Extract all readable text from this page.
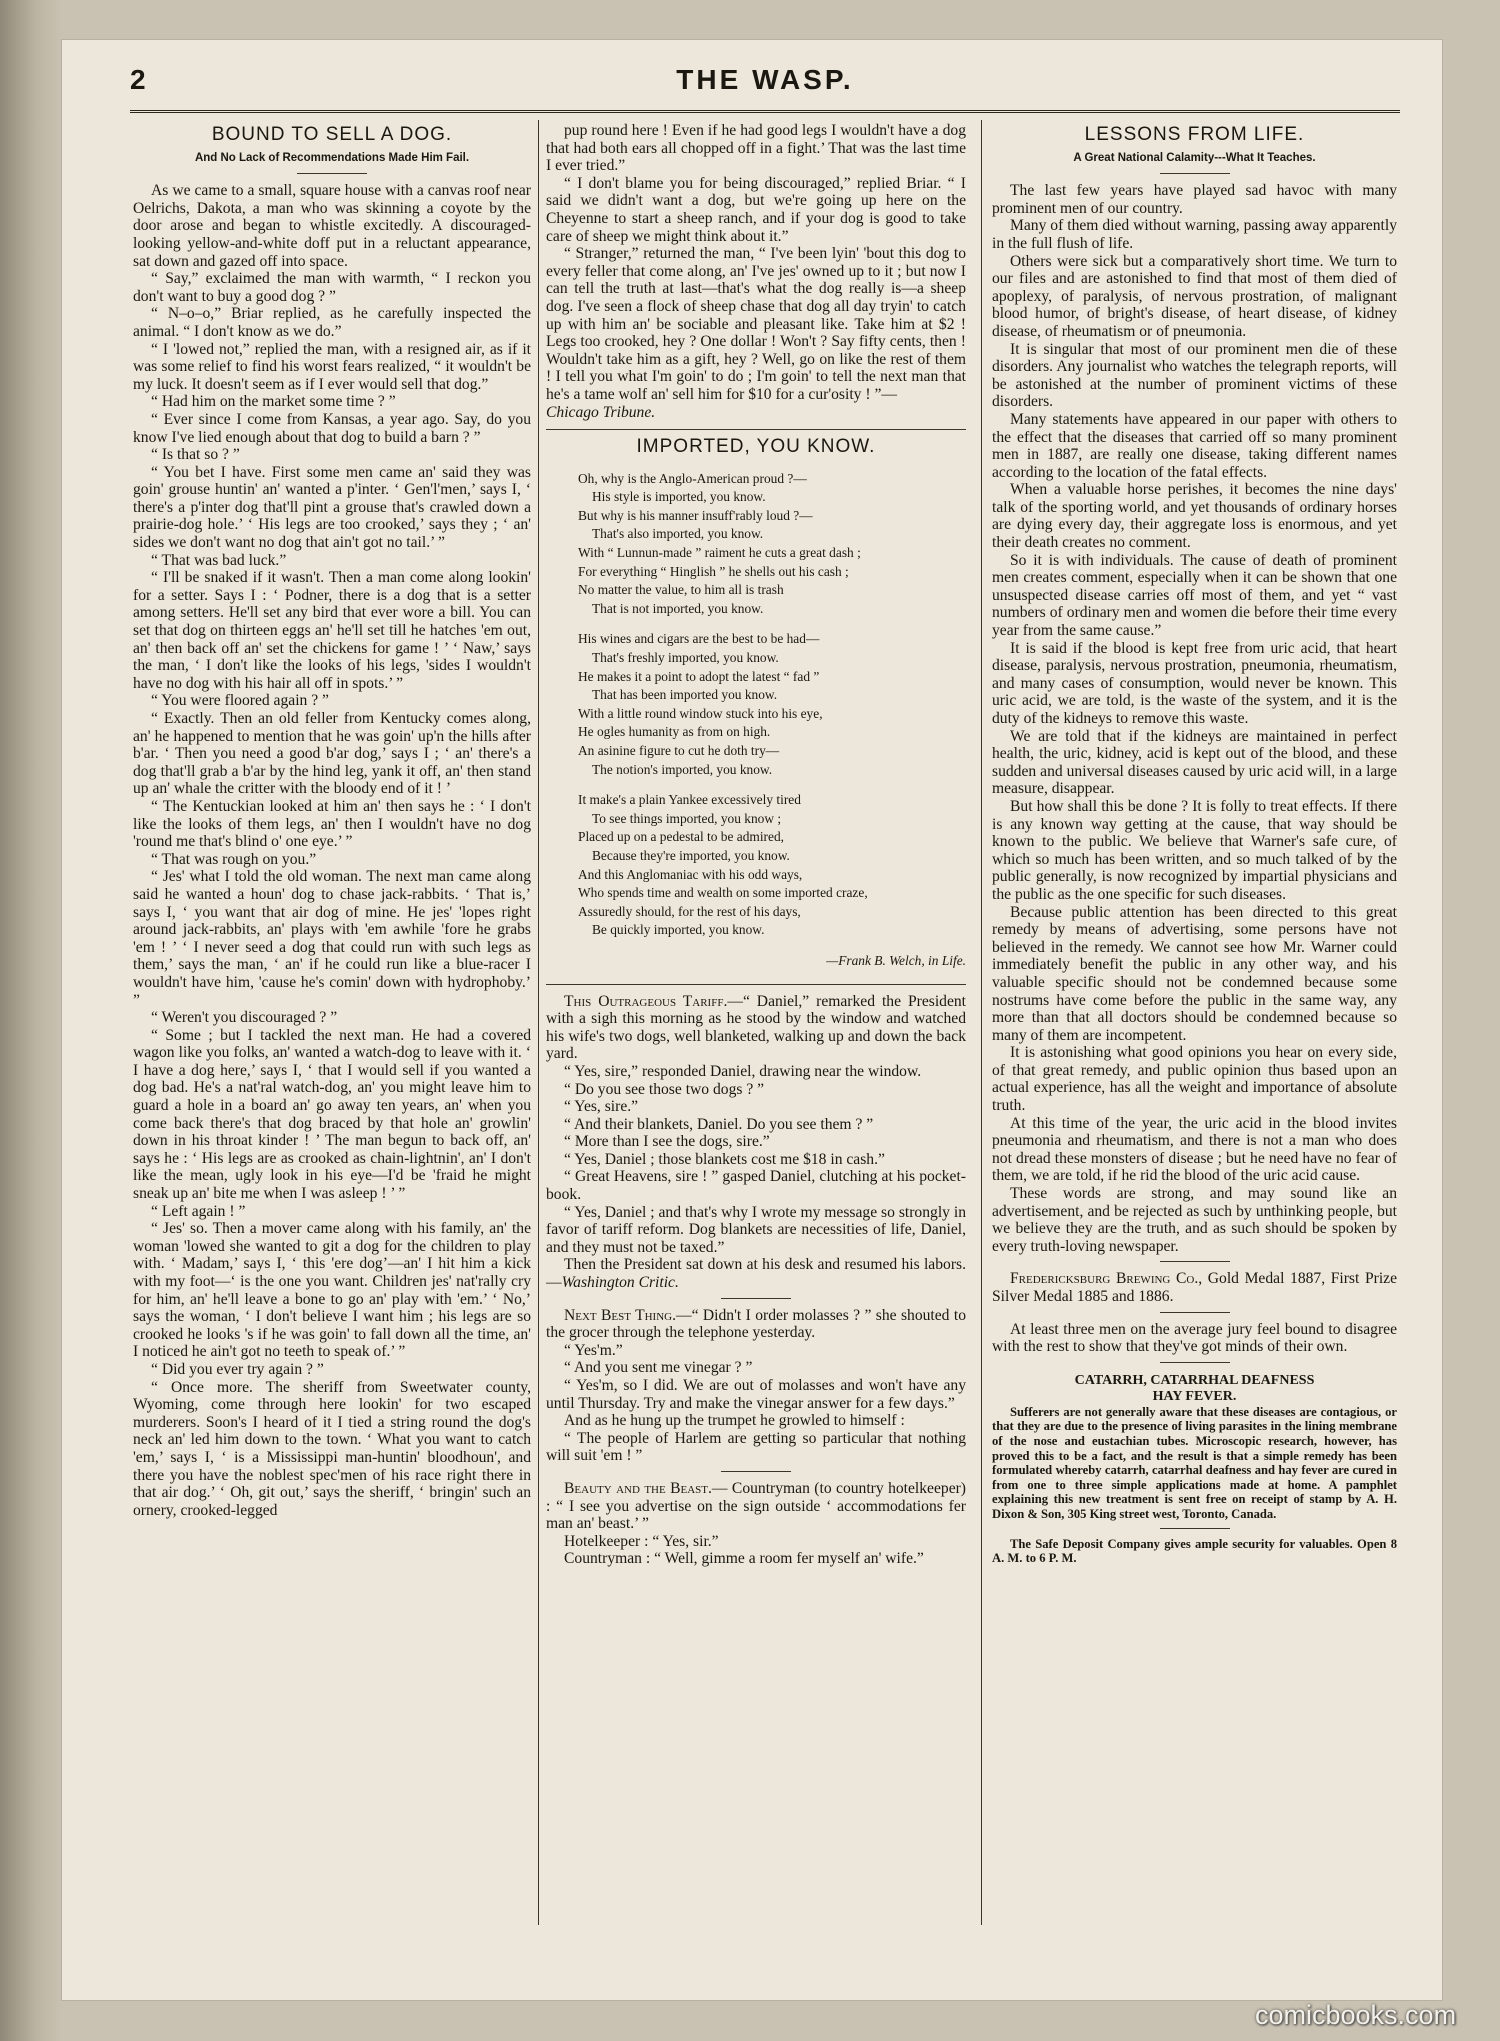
2	THE WASP.
BOUND TO SELL A DOG.
And No Lack of Recommendations Made Him Fail.

As we came to a small, square house with a canvas roof near Oelrichs, Dakota, a man who was skinning a coyote by the door arose and began to whistle excitedly. A discouraged-looking yellow-and-white doff put in a reluctant appearance, sat down and gazed off into space.

“ Say,” exclaimed the man with warmth, “ I reckon you don't want to buy a good dog ? ”

“ N–o–o,” Briar replied, as he carefully inspected the animal. “ I don't know as we do.”

“ I 'lowed not,” replied the man, with a resigned air, as if it was some relief to find his worst fears realized, “ it wouldn't be my luck. It doesn't seem as if I ever would sell that dog.”

“ Had him on the market some time ? ”

“ Ever since I come from Kansas, a year ago. Say, do you know I've lied enough about that dog to build a barn ? ”

“ Is that so ? ”

“ You bet I have. First some men came an' said they was goin' grouse huntin' an' wanted a p'inter. ‘ Gen'l'men,’ says I, ‘ there's a p'inter dog that'll pint a grouse that's crawled down a prairie-dog hole.’ ‘ His legs are too crooked,’ says they ; ‘ an' sides we don't want no dog that ain't got no tail.’ ”

“ That was bad luck.”

“ I'll be snaked if it wasn't. Then a man come along lookin' for a setter. Says I : ‘ Podner, there is a dog that is a setter among setters. He'll set any bird that ever wore a bill. You can set that dog on thirteen eggs an' he'll set till he hatches 'em out, an' then back off an' set the chickens for game ! ’ ‘ Naw,’ says the man, ‘ I don't like the looks of his legs, 'sides I wouldn't have no dog with his hair all off in spots.’ ”

“ You were floored again ? ”

“ Exactly. Then an old feller from Kentucky comes along, an' he happened to mention that he was goin' up'n the hills after b'ar. ‘ Then you need a good b'ar dog,’ says I ; ‘ an' there's a dog that'll grab a b'ar by the hind leg, yank it off, an' then stand up an' whale the critter with the bloody end of it ! ’

“ The Kentuckian looked at him an' then says he : ‘ I don't like the looks of them legs, an' then I wouldn't have no dog 'round me that's blind o' one eye.’ ”

“ That was rough on you.”

“ Jes' what I told the old woman. The next man came along said he wanted a houn' dog to chase jack-rabbits. ‘ That is,’ says I, ‘ you want that air dog of mine. He jes' 'lopes right around jack-rabbits, an' plays with 'em awhile 'fore he grabs 'em ! ’ ‘ I never seed a dog that could run with such legs as them,’ says the man, ‘ an' if he could run like a blue-racer I wouldn't have him, 'cause he's comin' down with hydrophoby.’ ”

“ Weren't you discouraged ? ”

“ Some ; but I tackled the next man. He had a covered wagon like you folks, an' wanted a watch-dog to leave with it. ‘ I have a dog here,’ says I, ‘ that I would sell if you wanted a dog bad. He's a nat'ral watch-dog, an' you might leave him to guard a hole in a board an' go away ten years, an' when you come back there's that dog braced by that hole an' growlin' down in his throat kinder ! ’ The man begun to back off, an' says he : ‘ His legs are as crooked as chain-lightnin', an' I don't like the mean, ugly look in his eye—I'd be 'fraid he might sneak up an' bite me when I was asleep ! ’ ”

“ Left again ! ”

“ Jes' so. Then a mover came along with his family, an' the woman 'lowed she wanted to git a dog for the children to play with. ‘ Madam,’ says I, ‘ this 'ere dog’—an' I hit him a kick with my foot—‘ is the one you want. Children jes' nat'rally cry for him, an' he'll leave a bone to go an' play with 'em.’ ‘ No,’ says the woman, ‘ I don't believe I want him ; his legs are so crooked he looks 's if he was goin' to fall down all the time, an' I noticed he ain't got no teeth to speak of.’ ”

“ Did you ever try again ? ”

“ Once more. The sheriff from Sweetwater county, Wyoming, come through here lookin' for two escaped murderers. Soon's I heard of it I tied a string round the dog's neck an' led him down to the town. ‘ What you want to catch 'em,’ says I, ‘ is a Mississippi man-huntin' bloodhoun', and there you have the noblest spec'men of his race right there in that air dog.’ ‘ Oh, git out,’ says the sheriff, ‘ bringin' such an ornery, crooked-legged

pup round here ! Even if he had good legs I wouldn't have a dog that had both ears all chopped off in a fight.’ That was the last time I ever tried.”

“ I don't blame you for being discouraged,” replied Briar. “ I said we didn't want a dog, but we're going up here on the Cheyenne to start a sheep ranch, and if your dog is good to take care of sheep we might think about it.”

“ Stranger,” returned the man, “ I've been lyin' 'bout this dog to every feller that come along, an' I've jes' owned up to it ; but now I can tell the truth at last—that's what the dog really is—a sheep dog. I've seen a flock of sheep chase that dog all day tryin' to catch up with him an' be sociable and pleasant like. Take him at $2 ! Legs too crooked, hey ? One dollar ! Won't ? Say fifty cents, then ! Wouldn't take him as a gift, hey ? Well, go on like the rest of them ! I tell you what I'm goin' to do ; I'm goin' to tell the next man that he's a tame wolf an' sell him for $10 for a cur'osity ! ”—

Chicago Tribune.

IMPORTED, YOU KNOW.
Oh, why is the Anglo-American proud ?—
His style is imported, you know.
But why is his manner insuff'rably loud ?—
That's also imported, you know.
With “ Lunnun-made ” raiment he cuts a great dash ;
For everything “ Hinglish ” he shells out his cash ;
No matter the value, to him all is trash
That is not imported, you know.
His wines and cigars are the best to be had—
That's freshly imported, you know.
He makes it a point to adopt the latest “ fad ”
That has been imported you know.
With a little round window stuck into his eye,
He ogles humanity as from on high.
An asinine figure to cut he doth try—
The notion's imported, you know.
It make's a plain Yankee excessively tired
To see things imported, you know ;
Placed up on a pedestal to be admired,
Because they're imported, you know.
And this Anglomaniac with his odd ways,
Who spends time and wealth on some imported craze,
Assuredly should, for the rest of his days,
Be quickly imported, you know.
—Frank B. Welch, in Life.

This Outrageous Tariff.—“ Daniel,” remarked the President with a sigh this morning as he stood by the window and watched his wife's two dogs, well blanketed, walking up and down the back yard.

“ Yes, sire,” responded Daniel, drawing near the window.

“ Do you see those two dogs ? ”

“ Yes, sire.”

“ And their blankets, Daniel. Do you see them ? ”

“ More than I see the dogs, sire.”

“ Yes, Daniel ; those blankets cost me $18 in cash.”

“ Great Heavens, sire ! ” gasped Daniel, clutching at his pocket-book.

“ Yes, Daniel ; and that's why I wrote my message so strongly in favor of tariff reform. Dog blankets are necessities of life, Daniel, and they must not be taxed.”

Then the President sat down at his desk and resumed his labors.—Washington Critic.

Next Best Thing.—“ Didn't I order molasses ? ” she shouted to the grocer through the telephone yesterday.

“ Yes'm.”

“ And you sent me vinegar ? ”

“ Yes'm, so I did. We are out of molasses and won't have any until Thursday. Try and make the vinegar answer for a few days.”

And as he hung up the trumpet he growled to himself :

“ The people of Harlem are getting so particular that nothing will suit 'em ! ”

Beauty and the Beast.— Countryman (to country hotelkeeper) : “ I see you advertise on the sign outside ‘ accommodations fer man an' beast.’ ”

Hotelkeeper : “ Yes, sir.”

Countryman : “ Well, gimme a room fer myself an' wife.”

LESSONS FROM LIFE.
A Great National Calamity---What It Teaches.

The last few years have played sad havoc with many prominent men of our country.

Many of them died without warning, passing away apparently in the full flush of life.

Others were sick but a comparatively short time. We turn to our files and are astonished to find that most of them died of apoplexy, of paralysis, of nervous prostration, of malignant blood humor, of bright's disease, of heart disease, of kidney disease, of rheumatism or of pneumonia.

It is singular that most of our prominent men die of these disorders. Any journalist who watches the telegraph reports, will be astonished at the number of prominent victims of these disorders.

Many statements have appeared in our paper with others to the effect that the diseases that carried off so many prominent men in 1887, are really one disease, taking different names according to the location of the fatal effects.

When a valuable horse perishes, it becomes the nine days' talk of the sporting world, and yet thousands of ordinary horses are dying every day, their aggregate loss is enormous, and yet their death creates no comment.

So it is with individuals. The cause of death of prominent men creates comment, especially when it can be shown that one unsuspected disease carries off most of them, and yet “ vast numbers of ordinary men and women die before their time every year from the same cause.”

It is said if the blood is kept free from uric acid, that heart disease, paralysis, nervous prostration, pneumonia, rheumatism, and many cases of consumption, would never be known. This uric acid, we are told, is the waste of the system, and it is the duty of the kidneys to remove this waste.

We are told that if the kidneys are maintained in perfect health, the uric, kidney, acid is kept out of the blood, and these sudden and universal diseases caused by uric acid will, in a large measure, disappear.

But how shall this be done ? It is folly to treat effects. If there is any known way getting at the cause, that way should be known to the public. We believe that Warner's safe cure, of which so much has been written, and so much talked of by the public generally, is now recognized by impartial physicians and the public as the one specific for such diseases.

Because public attention has been directed to this great remedy by means of advertising, some persons have not believed in the remedy. We cannot see how Mr. Warner could immediately benefit the public in any other way, and his valuable specific should not be condemned because some nostrums have come before the public in the same way, any more than that all doctors should be condemned because so many of them are incompetent.

It is astonishing what good opinions you hear on every side, of that great remedy, and public opinion thus based upon an actual experience, has all the weight and importance of absolute truth.

At this time of the year, the uric acid in the blood invites pneumonia and rheumatism, and there is not a man who does not dread these monsters of disease ; but he need have no fear of them, we are told, if he rid the blood of the uric acid cause.

These words are strong, and may sound like an advertisement, and be rejected as such by unthinking people, but we believe they are the truth, and as such should be spoken by every truth-loving newspaper.

Fredericksburg Brewing Co., Gold Medal 1887, First Prize Silver Medal 1885 and 1886.

At least three men on the average jury feel bound to disagree with the rest to show that they've got minds of their own.

CATARRH, CATARRHAL DEAFNESS
HAY FEVER.

Sufferers are not generally aware that these diseases are contagious, or that they are due to the presence of living parasites in the lining membrane of the nose and eustachian tubes. Microscopic research, however, has proved this to be a fact, and the result is that a simple remedy has been formulated whereby catarrh, catarrhal deafness and hay fever are cured in from one to three simple applications made at home. A pamphlet explaining this new treatment is sent free on receipt of stamp by A. H. Dixon & Son, 305 King street west, Toronto, Canada.

The Safe Deposit Company gives ample security for valuables. Open 8 A. M. to 6 P. M.

comicbooks.com
